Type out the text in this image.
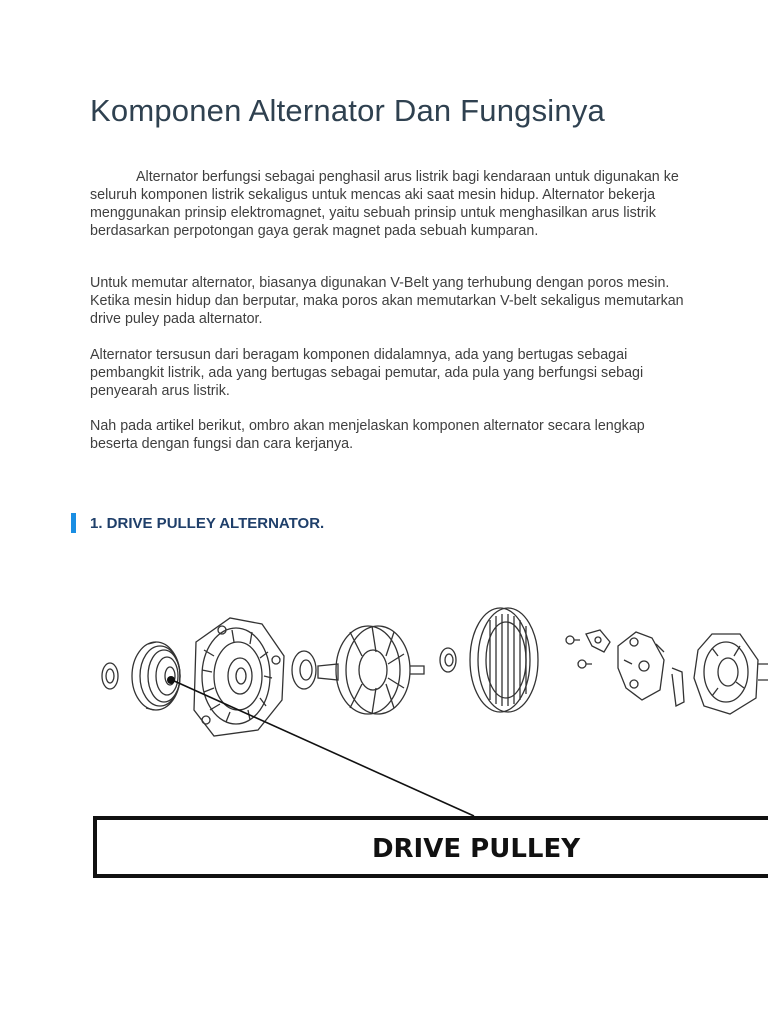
Komponen Alternator Dan Fungsinya

Alternator berfungsi sebagai penghasil arus listrik bagi kendaraan untuk digunakan ke seluruh komponen listrik sekaligus untuk mencas aki saat mesin hidup. Alternator bekerja menggunakan prinsip elektromagnet, yaitu sebuah prinsip untuk menghasilkan arus listrik berdasarkan perpotongan gaya gerak magnet pada sebuah kumparan.

Untuk memutar alternator, biasanya digunakan V-Belt yang terhubung dengan poros mesin. Ketika mesin hidup dan berputar, maka poros akan memutarkan V-belt sekaligus memutarkan drive puley pada alternator.

Alternator tersusun dari beragam komponen didalamnya, ada yang bertugas sebagai pembangkit listrik, ada yang bertugas sebagai pemutar, ada pula yang berfungsi sebagi penyearah arus listrik.

Nah pada artikel berikut, ombro akan menjelaskan komponen alternator secara lengkap beserta dengan fungsi dan cara kerjanya.

1. DRIVE PULLEY ALTERNATOR.
DRIVE PULLEY
